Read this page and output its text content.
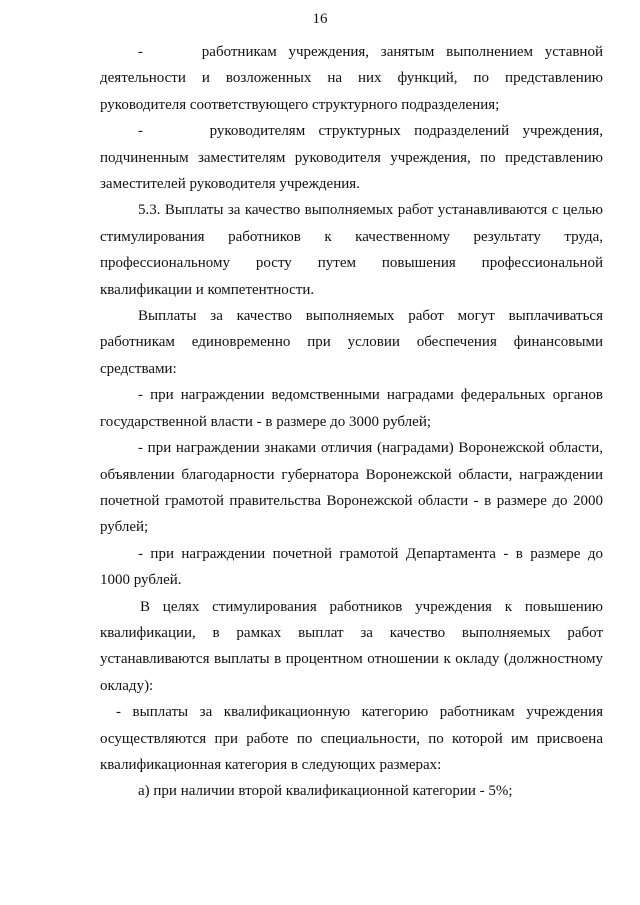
16

-     работникам учреждения, занятым выполнением уставной деятельности и возложенных на них функций, по представлению руководителя соответствующего структурного подразделения;

-     руководителям структурных подразделений учреждения, подчиненным заместителям руководителя учреждения, по представлению заместителей руководителя учреждения.

5.3. Выплаты за качество выполняемых работ устанавливаются с целью стимулирования работников к качественному результату труда, профессиональному росту путем повышения профессиональной квалификации и компетентности.

Выплаты за качество выполняемых работ могут выплачиваться работникам единовременно при условии обеспечения финансовыми средствами:

- при награждении ведомственными наградами федеральных органов государственной власти - в размере до 3000 рублей;

- при награждении знаками отличия (наградами) Воронежской области, объявлении благодарности губернатора Воронежской области, награждении почетной грамотой правительства Воронежской области - в размере до 2000 рублей;

- при награждении почетной грамотой Департамента - в размере до 1000 рублей.

В целях стимулирования работников учреждения к повышению квалификации, в рамках выплат за качество выполняемых работ устанавливаются выплаты в процентном отношении к окладу (должностному окладу):

- выплаты за квалификационную категорию работникам учреждения осуществляются при работе по специальности, по которой им присвоена квалификационная категория в следующих размерах:

а) при наличии второй квалификационной категории - 5%;
